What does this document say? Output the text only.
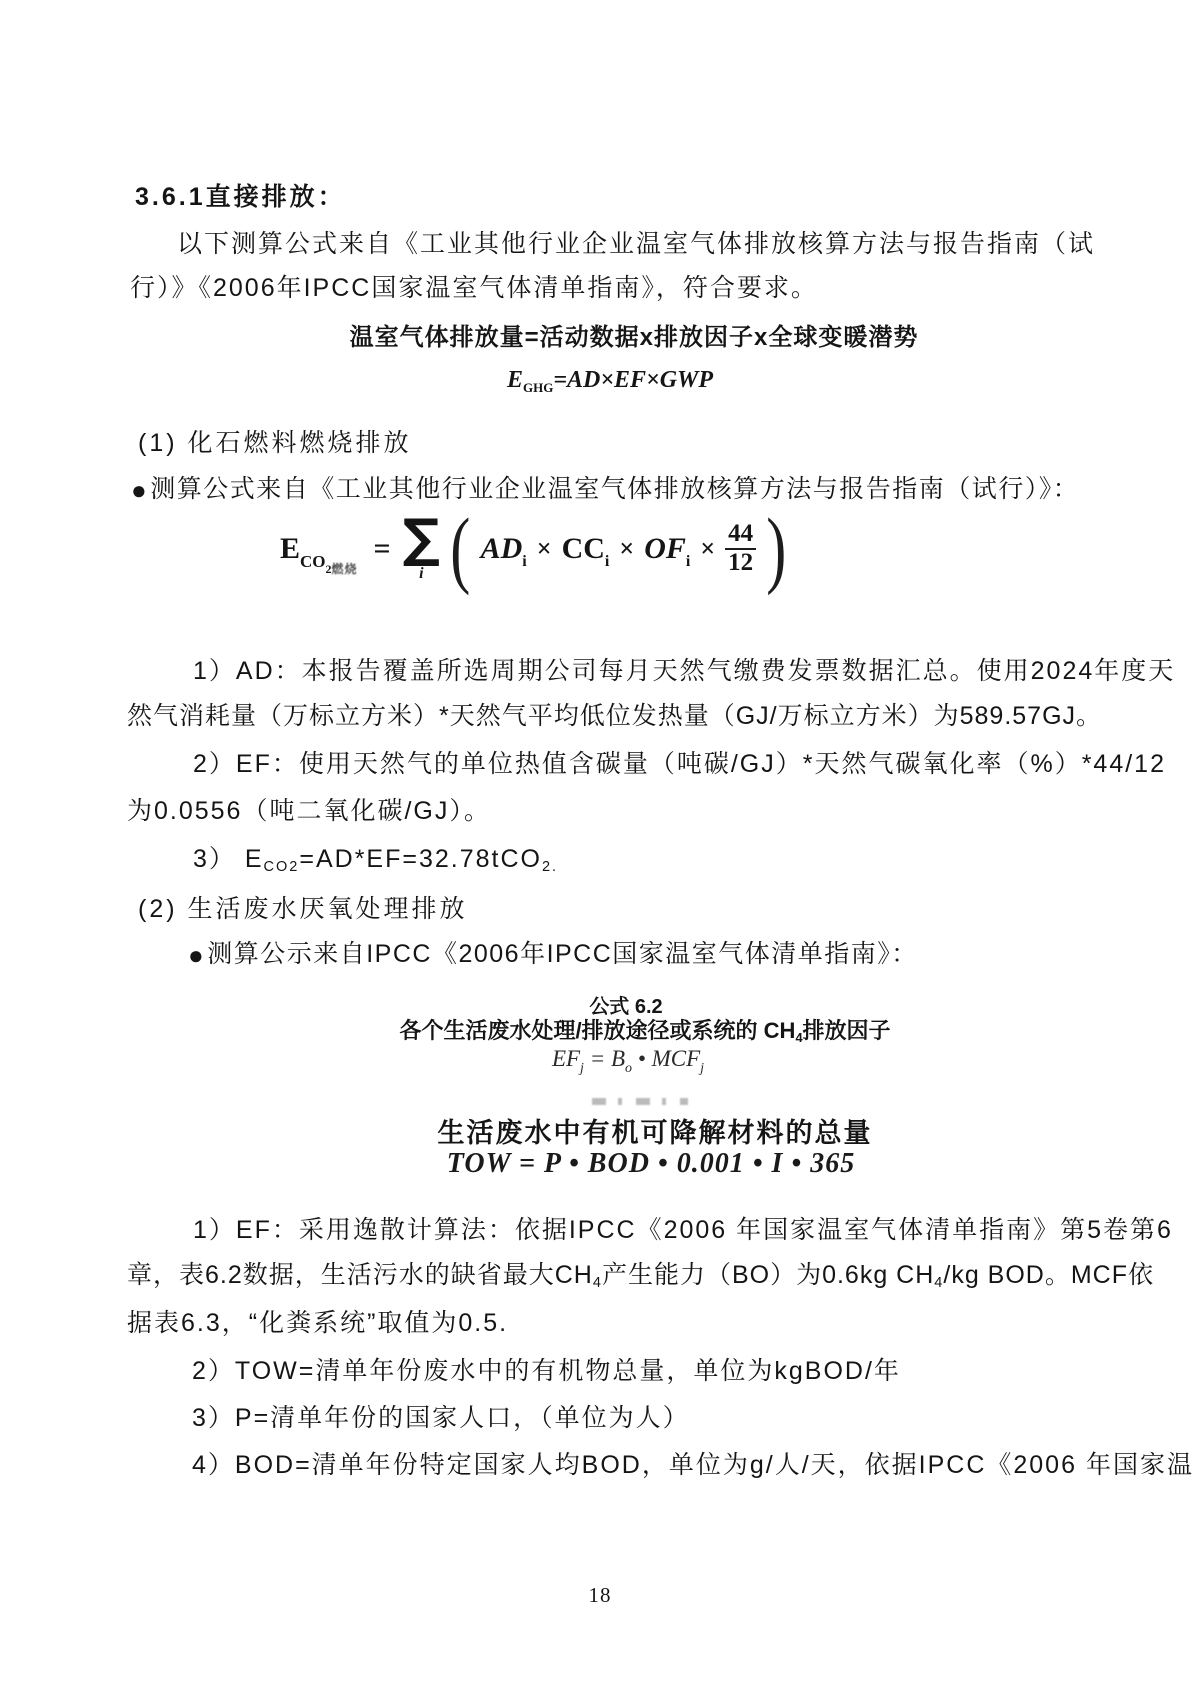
3.6.1直接排放：
以下测算公式来自《工业其他行业企业温室气体排放核算方法与报告指南（试
行）》《2006年IPCC国家温室气体清单指南》，符合要求。
温室气体排放量=活动数据x排放因子x全球变暖潜势
$E_{GHG}=AD\times EF\times GWP$
(1) 化石燃料燃烧排放
●测算公式来自《工业其他行业企业温室气体排放核算方法与报告指南（试行）》：
$E_{CO2燃烧}$
= ∑
i ( $AD_i \times CC_i \times OF_i \times \frac{44}{12}$ )
1）AD：本报告覆盖所选周期公司每月天然气缴费发票数据汇总。使用2024年度天
然气消耗量（万标立方米）*天然气平均低位发热量（GJ/万标立方米）为589.57GJ。
2）EF：使用天然气的单位热值含碳量（吨碳/GJ）*天然气碳氧化率（%）*44/12
为0.0556（吨二氧化碳/GJ）。
3） ECO2=AD*EF=32.78tCO2.
(2) 生活废水厌氧处理排放
●测算公示来自IPCC《2006年IPCC国家温室气体清单指南》：
公式 6.2
各个生活废水处理/排放途径或系统的 CH4排放因子
$EF_j = B_o$ • $MCF_j$
生活废水中有机可降解材料的总量
TOW = P • BOD • 0.001 • I • 365
1）EF：采用逸散计算法：依据IPCC《2006 年国家温室气体清单指南》第5卷第6
章，表6.2数据，生活污水的缺省最大CH4产生能力（BO）为0.6kg CH4/kg BOD。MCF依
据表6.3，“化粪系统”取值为0.5.
2）TOW=清单年份废水中的有机物总量，单位为kgBOD/年
3）P=清单年份的国家人口，（单位为人）
4）BOD=清单年份特定国家人均BOD，单位为g/人/天，依据IPCC《2006 年国家温
18
